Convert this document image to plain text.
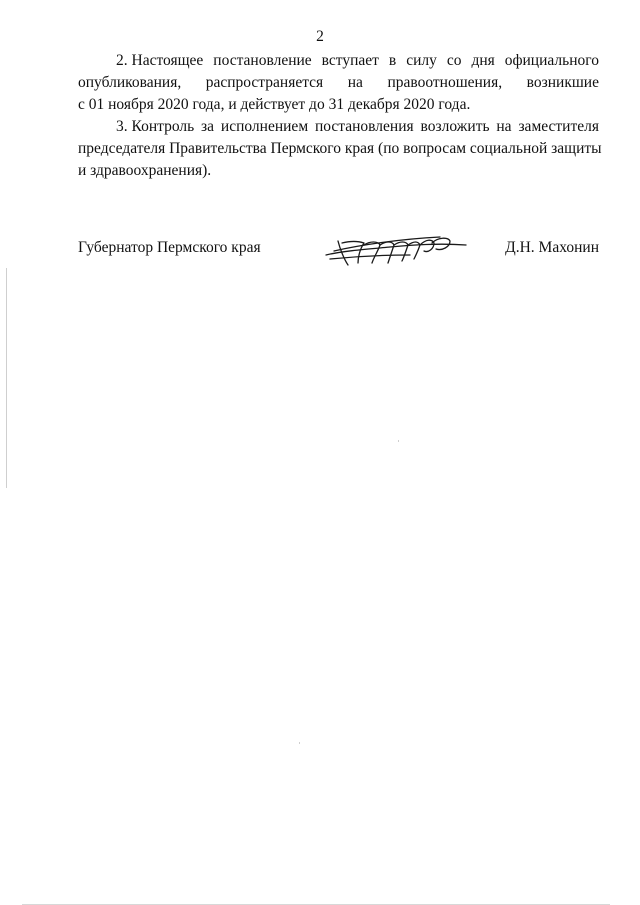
2
2. Настоящее постановление вступает в силу со дня официального
опубликования, распространяется на правоотношения, возникшие
с 01 ноября 2020 года, и действует до 31 декабря 2020 года.
3. Контроль за исполнением постановления возложить на заместителя
председателя Правительства Пермского края (по вопросам социальной защиты
и здравоохранения).
Губернатор Пермского края	Д.Н. Махонин
